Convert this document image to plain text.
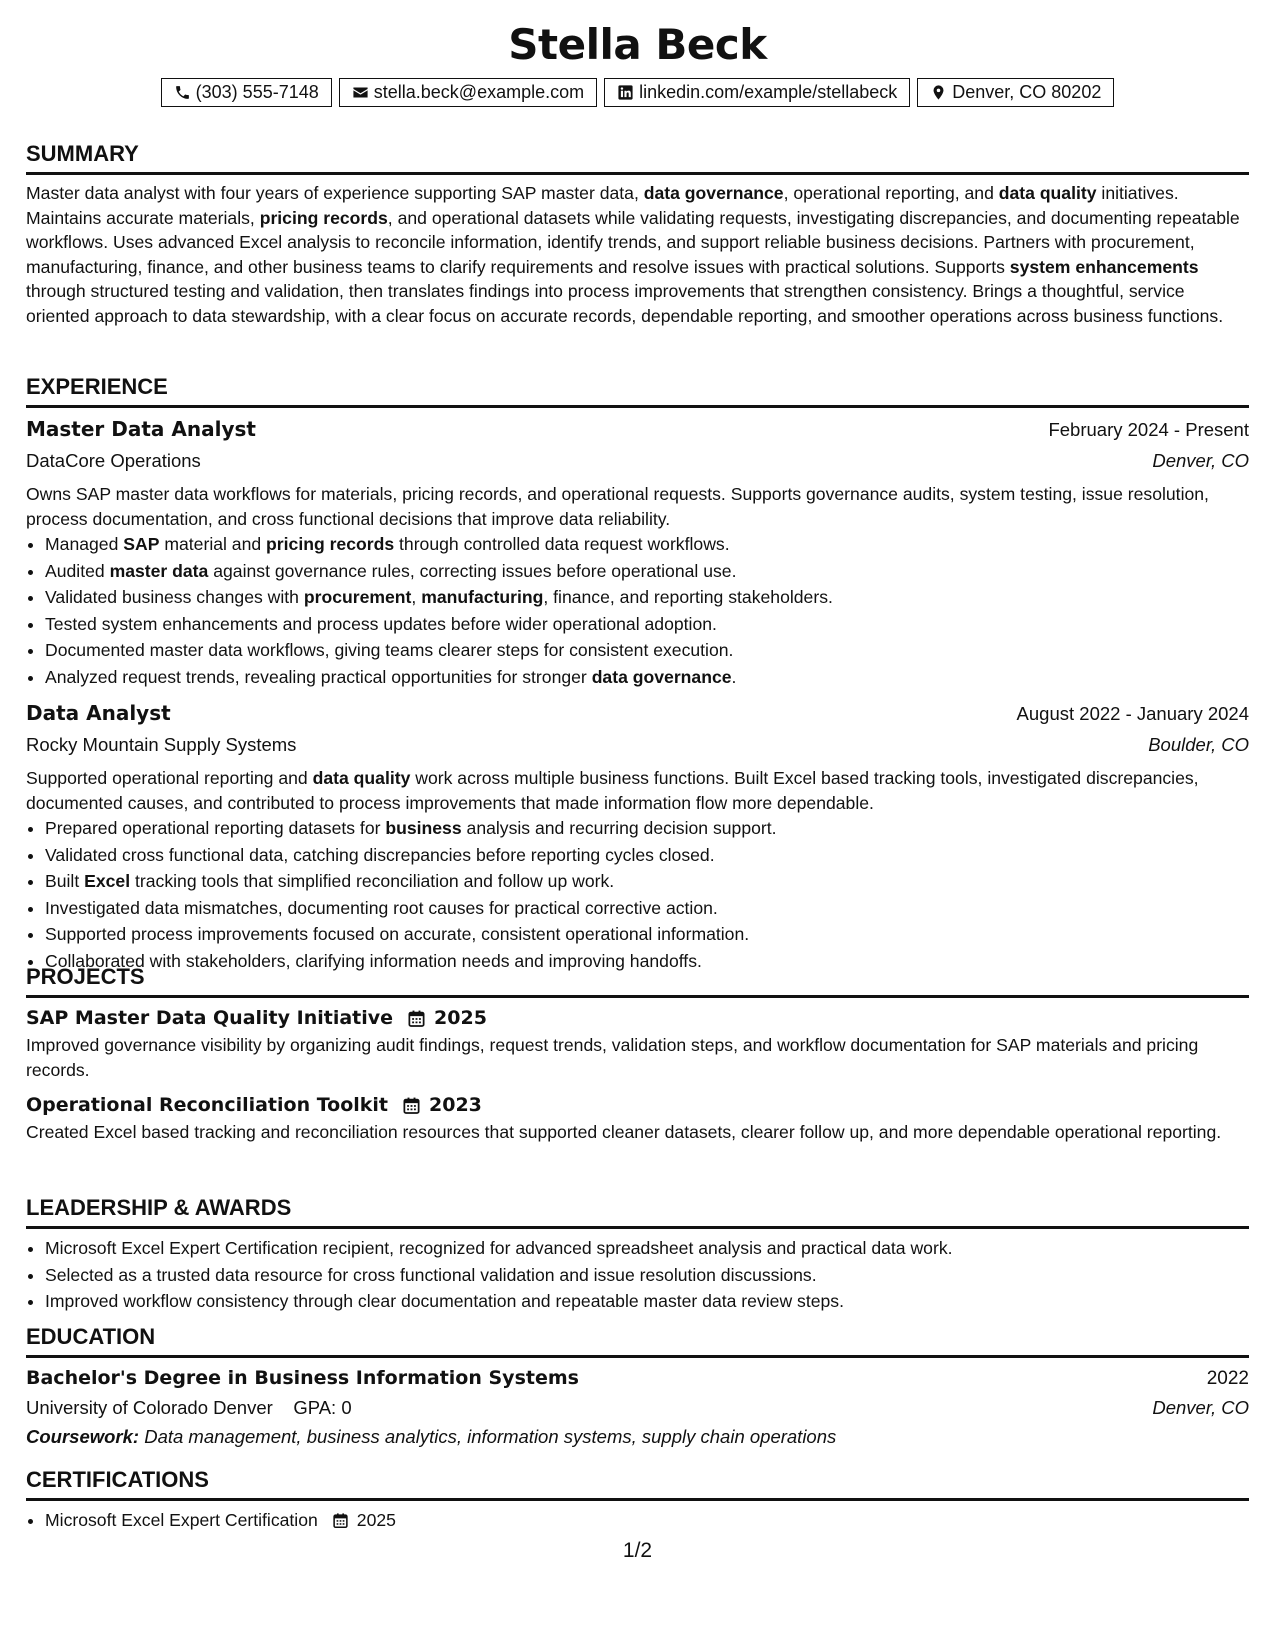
Stella Beck
(303) 555-7148	stella.beck@example.com	linkedin.com/example/stellabeck	Denver, CO 80202
SUMMARY
Master data analyst with four years of experience supporting SAP master data, data governance, operational reporting, and data quality initiatives. Maintains accurate materials, pricing records, and operational datasets while validating requests, investigating discrepancies, and documenting repeatable workflows. Uses advanced Excel analysis to reconcile information, identify trends, and support reliable business decisions. Partners with procurement, manufacturing, finance, and other business teams to clarify requirements and resolve issues with practical solutions. Supports system enhancements through structured testing and validation, then translates findings into process improvements that strengthen consistency. Brings a thoughtful, service oriented approach to data stewardship, with a clear focus on accurate records, dependable reporting, and smoother operations across business functions.
EXPERIENCE
Master Data Analyst	February 2024 - Present
DataCore Operations	Denver, CO
Owns SAP master data workflows for materials, pricing records, and operational requests. Supports governance audits, system testing, issue resolution, process documentation, and cross functional decisions that improve data reliability.
• Managed SAP material and pricing records through controlled data request workflows.
• Audited master data against governance rules, correcting issues before operational use.
• Validated business changes with procurement, manufacturing, finance, and reporting stakeholders.
• Tested system enhancements and process updates before wider operational adoption.
• Documented master data workflows, giving teams clearer steps for consistent execution.
• Analyzed request trends, revealing practical opportunities for stronger data governance.
Data Analyst	August 2022 - January 2024
Rocky Mountain Supply Systems	Boulder, CO
Supported operational reporting and data quality work across multiple business functions. Built Excel based tracking tools, investigated discrepancies, documented causes, and contributed to process improvements that made information flow more dependable.
• Prepared operational reporting datasets for business analysis and recurring decision support.
• Validated cross functional data, catching discrepancies before reporting cycles closed.
• Built Excel tracking tools that simplified reconciliation and follow up work.
• Investigated data mismatches, documenting root causes for practical corrective action.
• Supported process improvements focused on accurate, consistent operational information.
• Collaborated with stakeholders, clarifying information needs and improving handoffs.
PROJECTS
SAP Master Data Quality Initiative 2025
Improved governance visibility by organizing audit findings, request trends, validation steps, and workflow documentation for SAP materials and pricing records.
Operational Reconciliation Toolkit 2023
Created Excel based tracking and reconciliation resources that supported cleaner datasets, clearer follow up, and more dependable operational reporting.
LEADERSHIP & AWARDS
• Microsoft Excel Expert Certification recipient, recognized for advanced spreadsheet analysis and practical data work.
• Selected as a trusted data resource for cross functional validation and issue resolution discussions.
• Improved workflow consistency through clear documentation and repeatable master data review steps.
EDUCATION
Bachelor's Degree in Business Information Systems	2022
University of Colorado Denver GPA: 0	Denver, CO
Coursework: Data management, business analytics, information systems, supply chain operations
CERTIFICATIONS
• Microsoft Excel Expert Certification 2025
1/2
